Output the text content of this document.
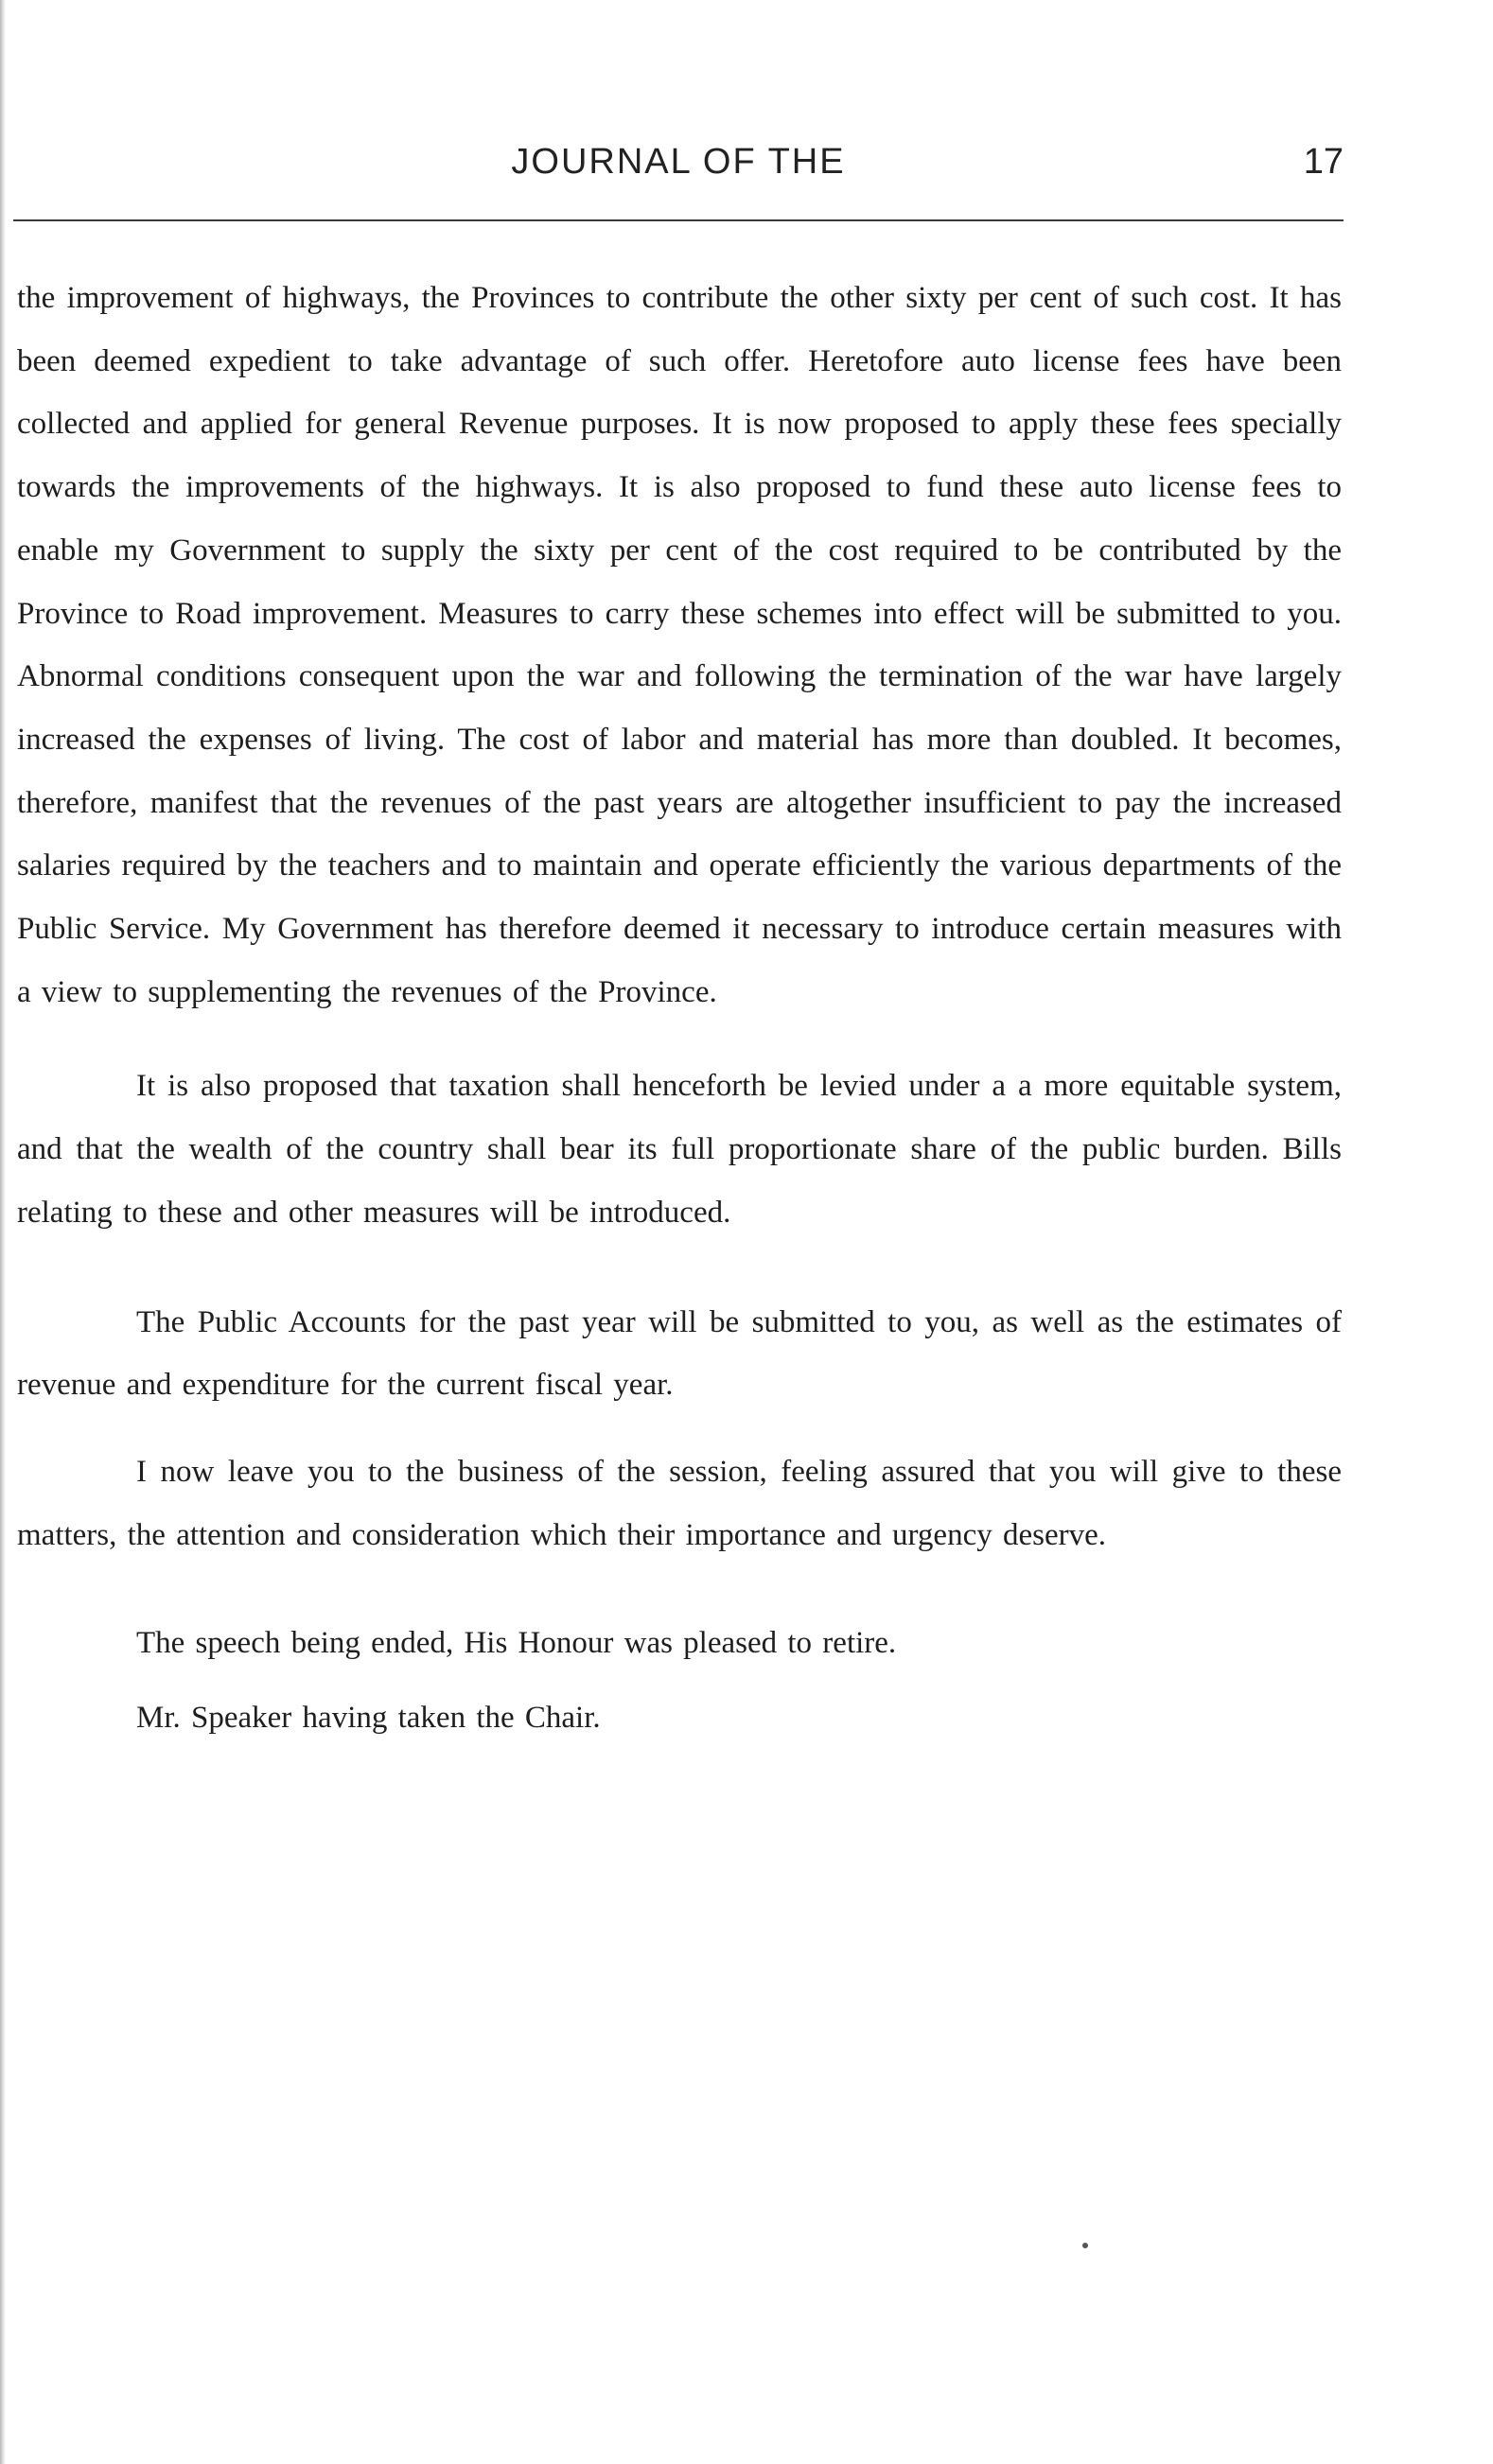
JOURNAL OF THE	17

the improvement of highways, the Provinces to contribute the other sixty per cent of such cost. It has been deemed expedient to take advantage of such offer. Heretofore auto license fees have been collected and applied for general Revenue purposes. It is now proposed to apply these fees specially towards the improvements of the highways. It is also proposed to fund these auto license fees to enable my Government to supply the sixty per cent of the cost required to be contributed by the Province to Road improvement. Measures to carry these schemes into effect will be submitted to you. Abnormal conditions consequent upon the war and following the termination of the war have largely increased the expenses of living. The cost of labor and material has more than doubled. It becomes, therefore, manifest that the revenues of the past years are altogether insufficient to pay the increased salaries required by the teachers and to maintain and operate efficiently the various departments of the Public Service. My Government has therefore deemed it necessary to introduce certain measures with a view to supplementing the revenues of the Province.

It is also proposed that taxation shall henceforth be levied under a a more equitable system, and that the wealth of the country shall bear its full proportionate share of the public burden. Bills relating to these and other measures will be introduced.

The Public Accounts for the past year will be submitted to you, as well as the estimates of revenue and expenditure for the current fiscal year.

I now leave you to the business of the session, feeling assured that you will give to these matters, the attention and consideration which their importance and urgency deserve.

The speech being ended, His Honour was pleased to retire.

Mr. Speaker having taken the Chair.
